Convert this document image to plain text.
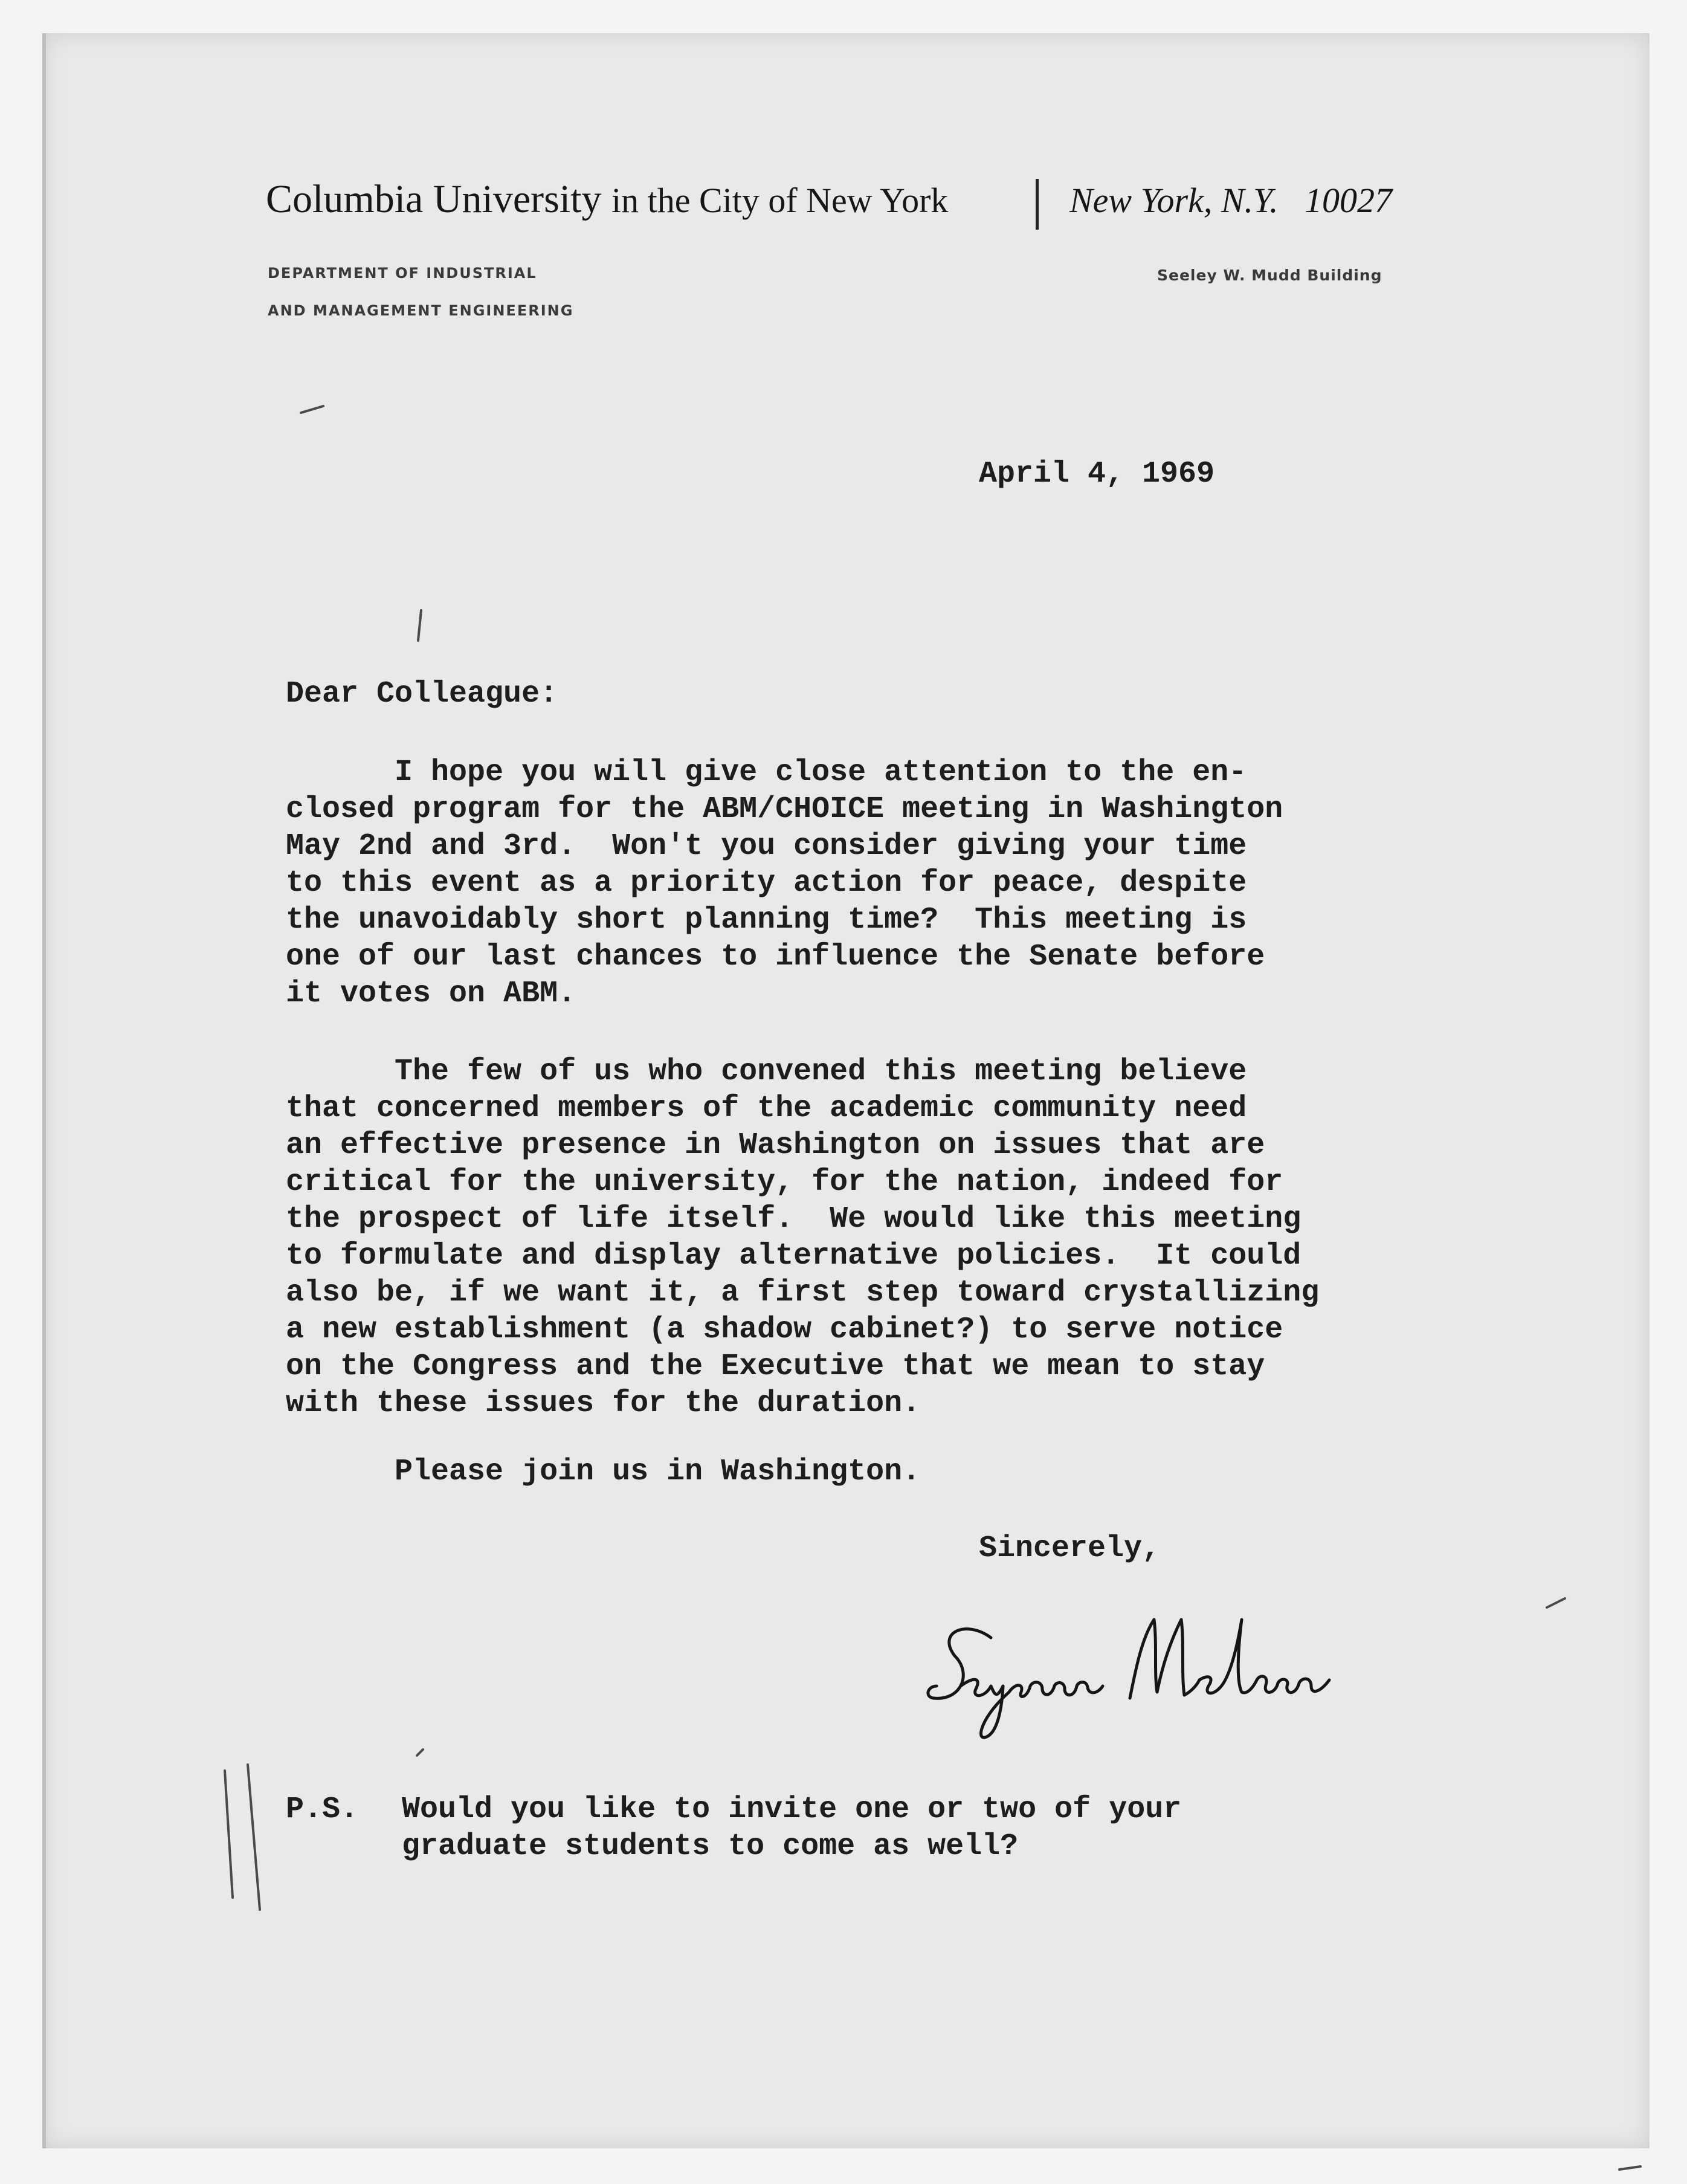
Columbia University in the City of New York	New York, N.Y. 10027
DEPARTMENT OF INDUSTRIAL
AND MANAGEMENT ENGINEERING
Seeley W. Mudd Building
April 4, 1969
Dear Colleague:
I hope you will give close attention to the en-
closed program for the ABM/CHOICE meeting in Washington
May 2nd and 3rd.  Won't you consider giving your time
to this event as a priority action for peace, despite
the unavoidably short planning time?  This meeting is
one of our last chances to influence the Senate before
it votes on ABM.
The few of us who convened this meeting believe
that concerned members of the academic community need
an effective presence in Washington on issues that are
critical for the university, for the nation, indeed for
the prospect of life itself.  We would like this meeting
to formulate and display alternative policies.  It could
also be, if we want it, a first step toward crystallizing
a new establishment (a shadow cabinet?) to serve notice
on the Congress and the Executive that we mean to stay
with these issues for the duration.
Please join us in Washington.
Sincerely,
P.S. Would you like to invite one or two of your
graduate students to come as well?
